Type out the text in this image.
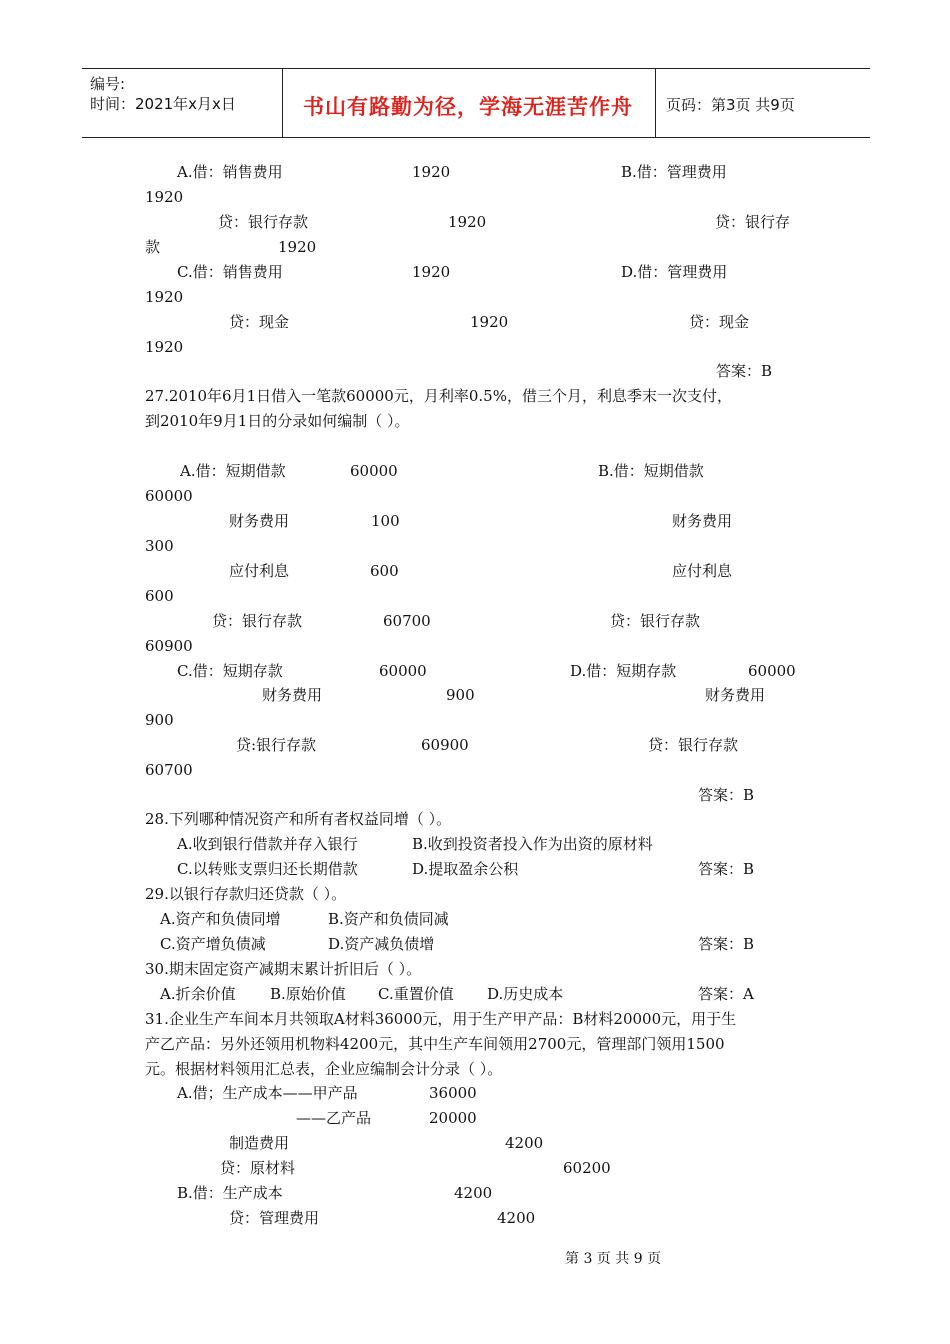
编号:
时间：2021年x月x日	书山有路勤为径，学海无涯苦作舟 页码：第3页 共9页
A.借：销售费用	1920	B.借：管理费用
1920
贷：银行存款	1920	贷：银行存
款	1920
C.借：销售费用	1920	D.借：管理费用
1920
贷：现金	1920	贷：现金
1920
答案：B
27.2010年6月1日借入一笔款60000元，月利率0.5%，借三个月，利息季末一次支付，
到2010年9月1日的分录如何编制（ ）。
A.借：短期借款	60000	B.借：短期借款
60000
财务费用	100	财务费用
300
应付利息	600	应付利息
600
贷：银行存款	60700	贷：银行存款
60900
C.借：短期存款	60000	D.借：短期存款	60000
财务费用	900	财务费用
900
贷:银行存款	60900	贷：银行存款
60700
答案：B
28.下列哪种情况资产和所有者权益同增（ ）。
A.收到银行借款并存入银行	B.收到投资者投入作为出资的原材料
C.以转账支票归还长期借款	D.提取盈余公积	答案：B
29.以银行存款归还贷款（ ）。
A.资产和负债同增	B.资产和负债同减
C.资产增负债减	D.资产减负债增	答案：B
30.期末固定资产减期末累计折旧后（ ）。
A.折余价值 B.原始价值 C.重置价值 D.历史成本	答案：A
31.企业生产车间本月共领取A材料36000元，用于生产甲产品：B材料20000元，用于生
产乙产品：另外还领用机物料4200元，其中生产车间领用2700元，管理部门领用1500
元。根据材料领用汇总表，企业应编制会计分录（ ）。
A.借；生产成本——甲产品	36000
——乙产品	20000
制造费用	4200
贷：原材料	60200
B.借：生产成本	4200
贷：管理费用	4200
第 3 页 共 9 页
